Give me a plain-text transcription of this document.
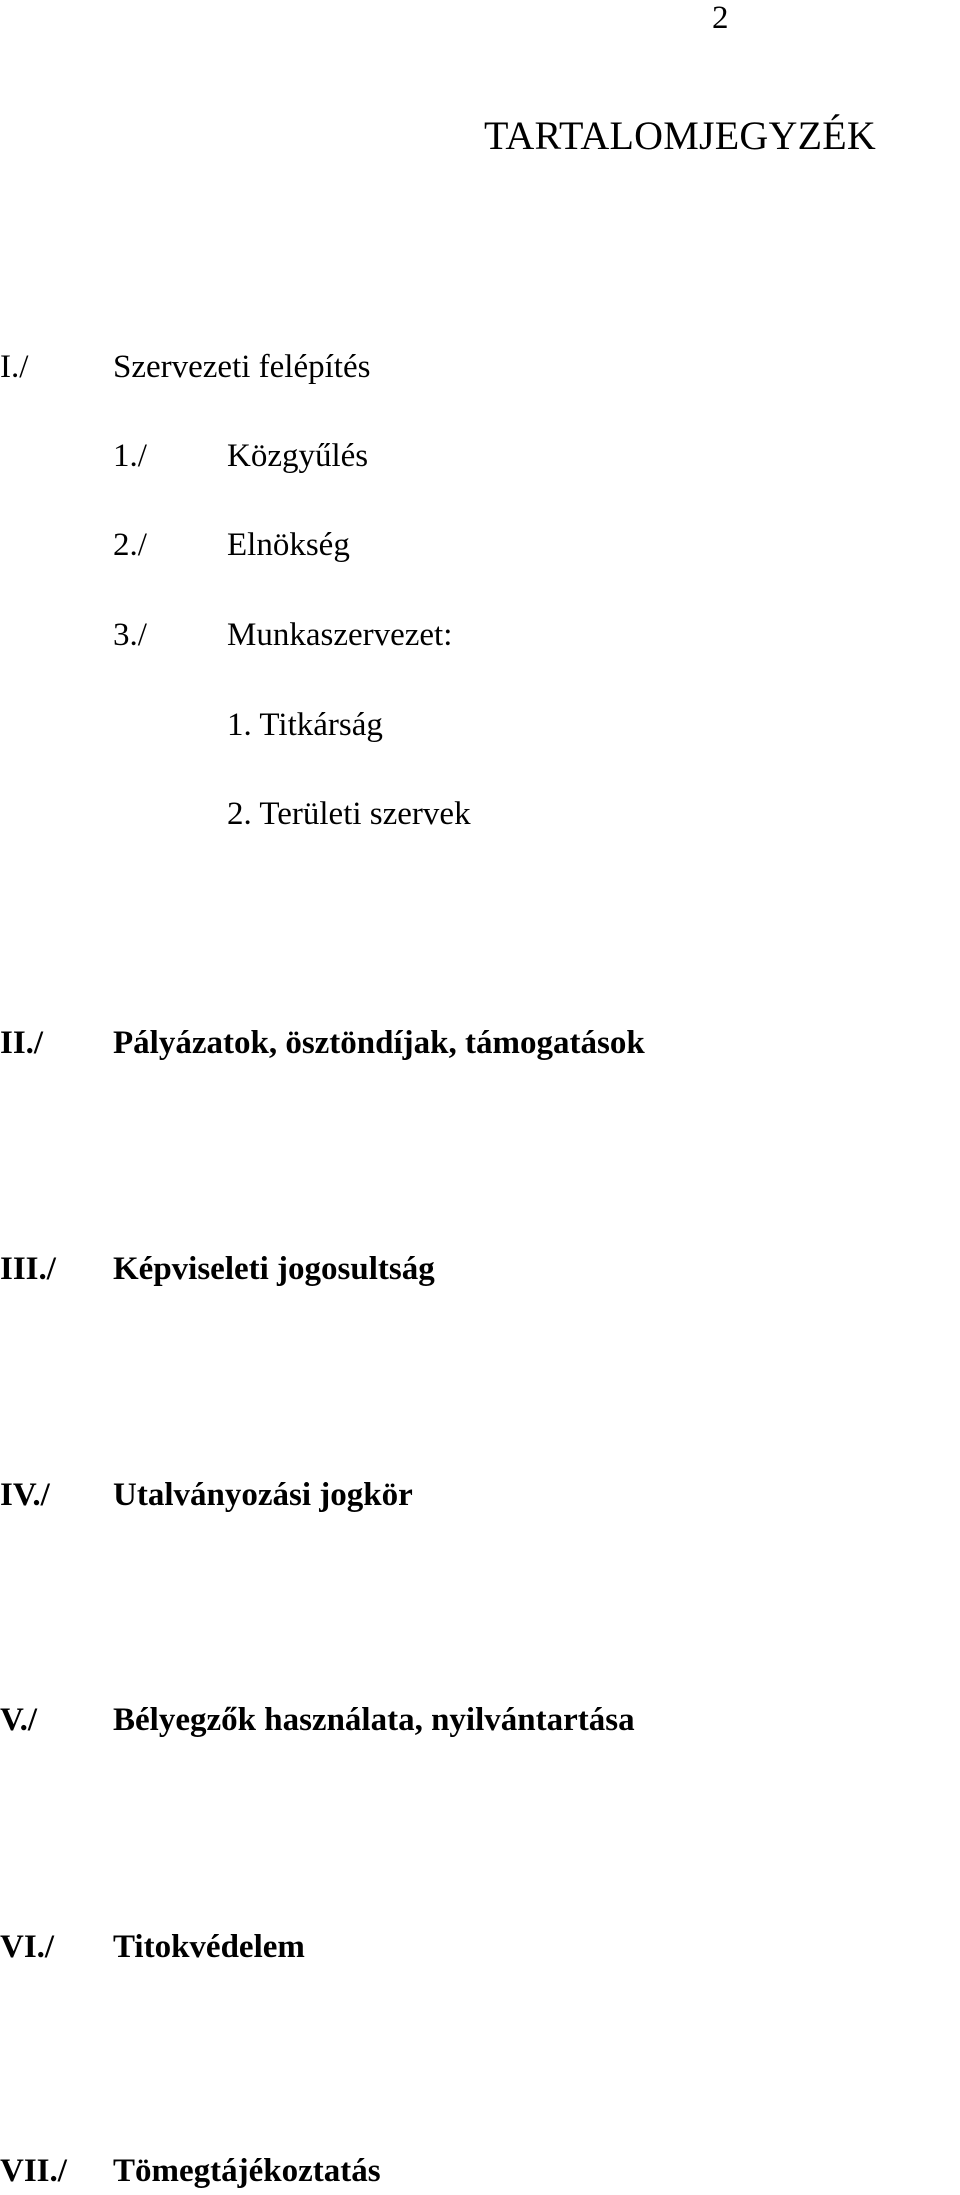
2
TARTALOMJEGYZÉK
I./	Szervezeti felépítés
1./ Közgyűlés
2./ Elnökség
3./ Munkaszervezet:
1. Titkárság
2. Területi szervek
II./ Pályázatok, ösztöndíjak, támogatások
III./ Képviseleti jogosultság
IV./ Utalványozási jogkör
V./ Bélyegzők használata, nyilvántartása
VI./ Titokvédelem
VII./ Tömegtájékoztatás
